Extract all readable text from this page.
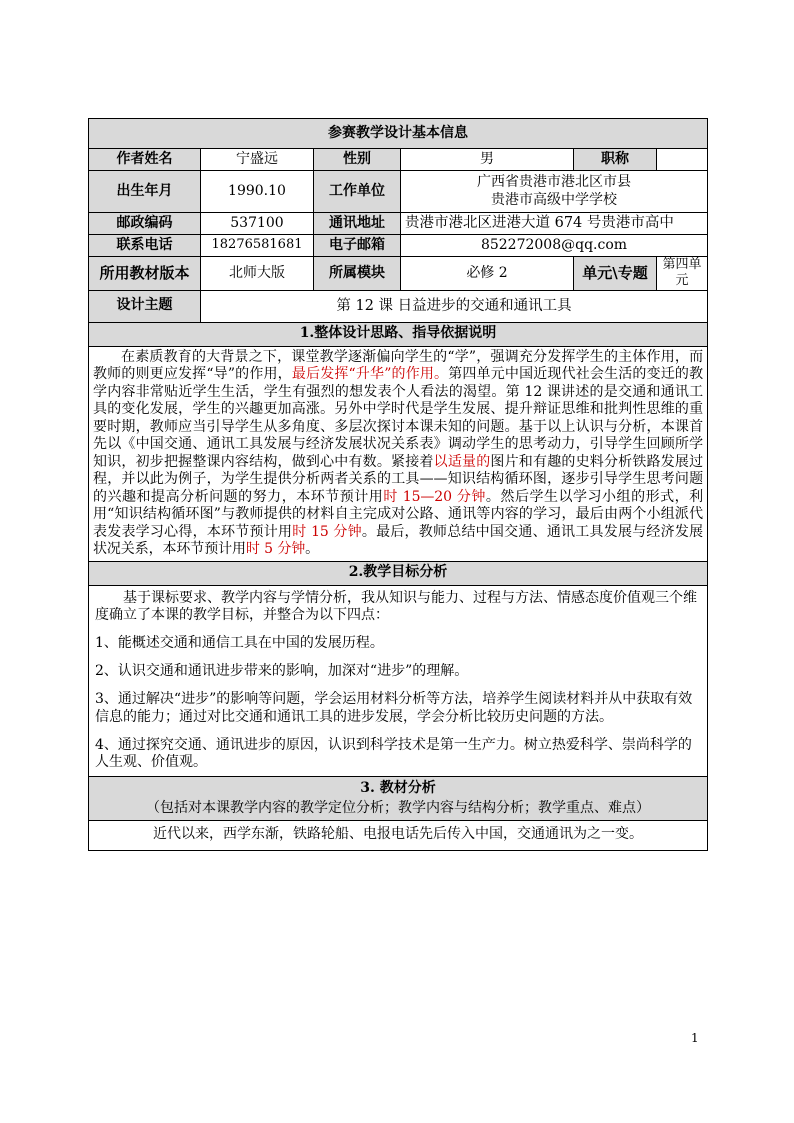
参赛教学设计基本信息					
作者姓名	宁盛远	性别	男	职称	
出生年月	1990.10	工作单位	广西省贵港市港北区市县
贵港市高级中学学校		

邮政编码	537100	通讯地址	贵港市港北区进港大道 674 号贵港市高中		
联系电话	18276581681	电子邮箱	852272008@qq.com		
所用教材版本	北师大版	所属模块	必修 2	单元\专题	第四单元
设计主题	第 12 课 日益进步的交通和通讯工具				
1.整体设计思路、指导依据说明					

在素质教育的大背景之下，课堂教学逐渐偏向学生的“学”，强调充分发挥学生的主体作用，而教师的则更应发挥“导”的作用，最后发挥“升华”的作用。第四单元中国近现代社会生活的变迁的教学内容非常贴近学生生活，学生有强烈的想发表个人看法的渴望。第 12 课讲述的是交通和通讯工具的变化发展，学生的兴趣更加高涨。另外中学时代是学生发展、提升辩证思维和批判性思维的重要时期，教师应当引导学生从多角度、多层次探讨本课未知的问题。基于以上认识与分析，本课首先以《中国交通、通讯工具发展与经济发展状况关系表》调动学生的思考动力，引导学生回顾所学知识，初步把握整课内容结构，做到心中有数。紧接着以适量的图片和有趣的史料分析铁路发展过程，并以此为例子，为学生提供分析两者关系的工具——知识结构循环图，逐步引导学生思考问题的兴趣和提高分析问题的努力，本环节预计用时 15—20 分钟。然后学生以学习小组的形式，利用“知识结构循环图”与教师提供的材料自主完成对公路、通讯等内容的学习，最后由两个小组派代表发表学习心得，本环节预计用时 15 分钟。最后，教师总结中国交通、通讯工具发展与经济发展状况关系，本环节预计用时 5 分钟。					

2.教学目标分析					

基于课标要求、教学内容与学情分析，我从知识与能力、过程与方法、情感态度价值观三个维度确立了本课的教学目标，并整合为以下四点：

1、能概述交通和通信工具在中国的发展历程。

2、认识交通和通讯进步带来的影响，加深对“进步”的理解。

3、通过解决“进步”的影响等问题，学会运用材料分析等方法，培养学生阅读材料并从中获取有效信息的能力；通过对比交通和通讯工具的进步发展，学会分析比较历史问题的方法。

4、通过探究交通、通讯进步的原因，认识到科学技术是第一生产力。树立热爱科学、崇尚科学的人生观、价值观。					

3. 教材分析
（包括对本课教学内容的教学定位分析；教学内容与结构分析；教学重点、难点）					

近代以来，西学东渐，铁路轮船、电报电话先后传入中国，交通通讯为之一变。					
1
